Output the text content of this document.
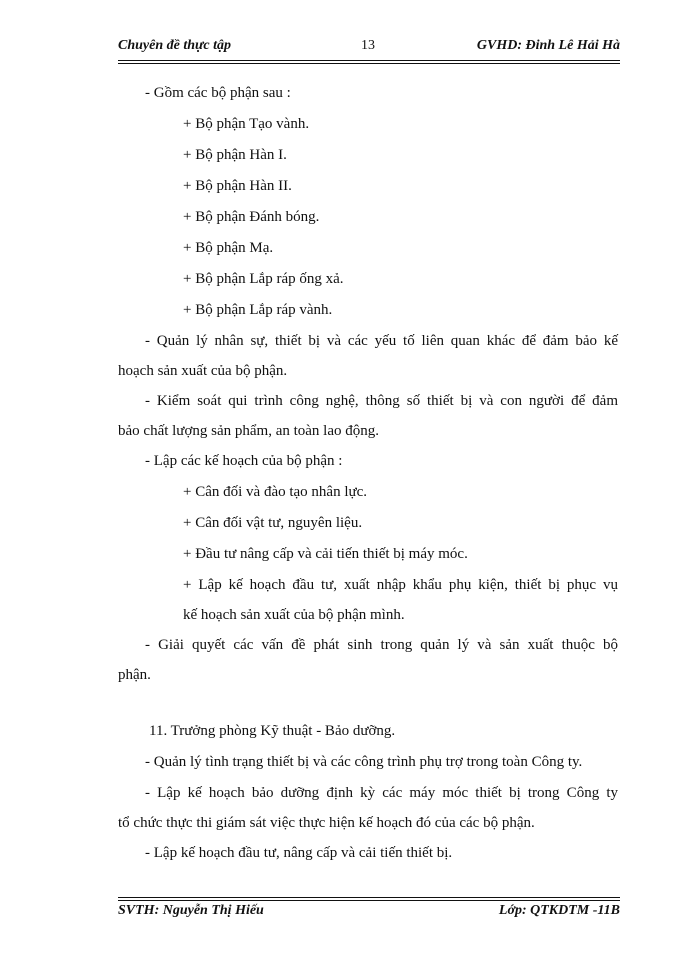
Chuyên đề thực tập	13	GVHD: Đinh Lê Hải Hà

- Gồm các bộ phận sau :

+ Bộ phận Tạo vành.

+ Bộ phận Hàn I.

+ Bộ phận Hàn II.

+ Bộ phận Đánh bóng.

+ Bộ phận Mạ.

+ Bộ phận Lắp ráp ống xả.

+ Bộ phận Lắp ráp vành.

- Quản lý nhân sự, thiết bị và các yếu tố liên quan khác để đảm bảo kế
hoạch sản xuất của bộ phận.

- Kiểm soát qui trình công nghệ, thông số thiết bị và con người để đảm
bảo chất lượng sản phẩm, an toàn lao động.

- Lập các kế hoạch của bộ phận :

+ Cân đối và đào tạo nhân lực.

+ Cân đối vật tư, nguyên liệu.

+ Đầu tư nâng cấp và cải tiến thiết bị máy móc.

+ Lập kế hoạch đầu tư, xuất nhập khẩu phụ kiện, thiết bị phục vụ
kế hoạch sản xuất của bộ phận mình.

- Giải quyết các vấn đề phát sinh trong quản lý và sản xuất thuộc bộ
phận.

11. Trưởng phòng Kỹ thuật - Bảo dưỡng.

- Quản lý tình trạng thiết bị và các công trình phụ trợ trong toàn Công ty.

- Lập kế hoạch bảo dưỡng định kỳ các máy móc thiết bị trong Công ty
tổ chức thực thi giám sát việc thực hiện kế hoạch đó của các bộ phận.

- Lập kế hoạch đầu tư, nâng cấp và cải tiến thiết bị.

SVTH: Nguyễn Thị Hiếu	Lớp: QTKDTM -11B
